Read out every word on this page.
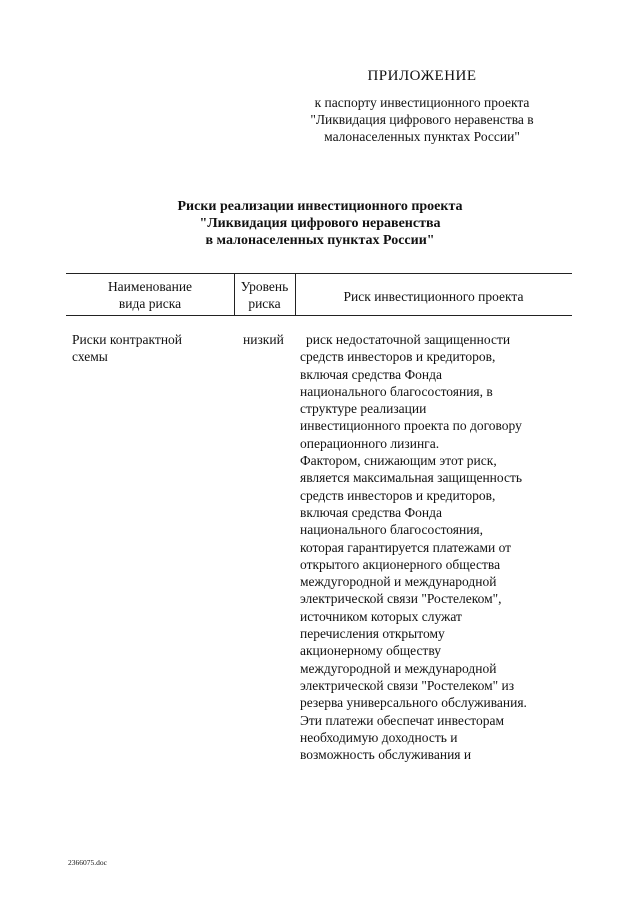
ПРИЛОЖЕНИЕ
к паспорту инвестиционного проекта
"Ликвидация цифрового неравенства в
малонаселенных пунктах России"
Риски реализации инвестиционного проекта
"Ликвидация цифрового неравенства
в малонаселенных пунктах России"
Наименование
вида риска
Уровень
риска	Риск инвестиционного проекта
Риски контрактной
схемы
низкий	риск недостаточной защищенности
средств инвесторов и кредиторов,
включая средства Фонда
национального благосостояния, в
структуре реализации
инвестиционного проекта по договору
операционного лизинга.
Фактором, снижающим этот риск,
является максимальная защищенность
средств инвесторов и кредиторов,
включая средства Фонда
национального благосостояния,
которая гарантируется платежами от
открытого акционерного общества
междугородной и международной
электрической связи "Ростелеком",
источником которых служат
перечисления открытому
акционерному обществу
междугородной и международной
электрической связи "Ростелеком" из
резерва универсального обслуживания.
Эти платежи обеспечат инвесторам
необходимую доходность и
возможность обслуживания и
2366075.doc
